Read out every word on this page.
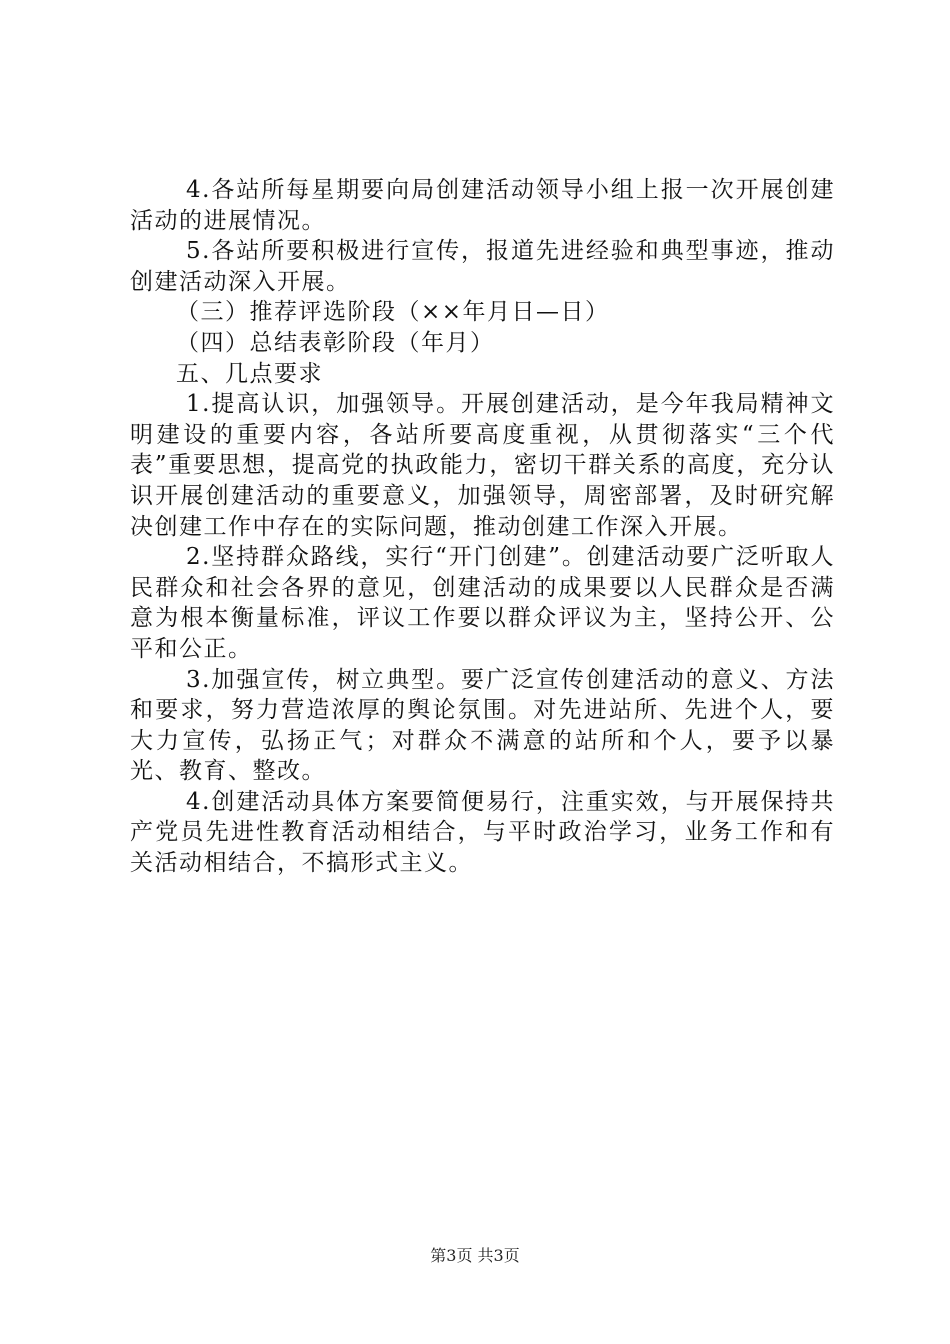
4.各站所每星期要向局创建活动领导小组上报一次开展创建活动的进展情况。

5.各站所要积极进行宣传，报道先进经验和典型事迹，推动创建活动深入开展。

（三）推荐评选阶段（××年月日—日）

（四）总结表彰阶段（年月）

五、几点要求

1.提高认识，加强领导。开展创建活动，是今年我局精神文明建设的重要内容，各站所要高度重视，从贯彻落实“三个代表”重要思想，提高党的执政能力，密切干群关系的高度，充分认识开展创建活动的重要意义，加强领导，周密部署，及时研究解决创建工作中存在的实际问题，推动创建工作深入开展。

2.坚持群众路线，实行“开门创建”。创建活动要广泛听取人民群众和社会各界的意见，创建活动的成果要以人民群众是否满意为根本衡量标准，评议工作要以群众评议为主，坚持公开、公平和公正。

3.加强宣传，树立典型。要广泛宣传创建活动的意义、方法和要求，努力营造浓厚的舆论氛围。对先进站所、先进个人，要大力宣传，弘扬正气；对群众不满意的站所和个人，要予以暴光、教育、整改。

4.创建活动具体方案要简便易行，注重实效，与开展保持共产党员先进性教育活动相结合，与平时政治学习，业务工作和有关活动相结合，不搞形式主义。

第3页 共3页
